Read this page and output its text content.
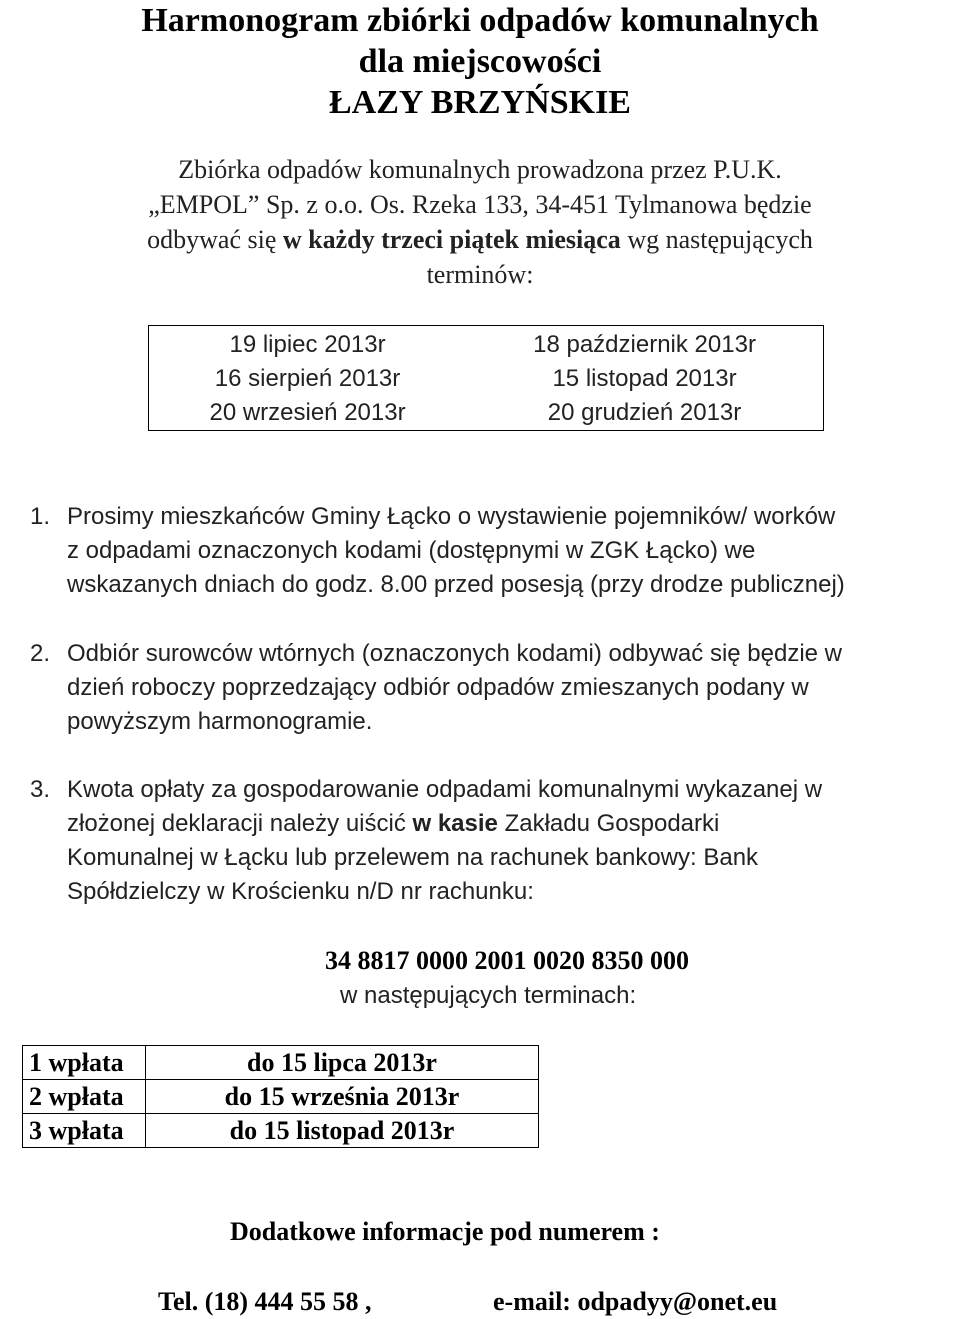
Harmonogram zbiórki odpadów komunalnych
dla miejscowości
ŁAZY BRZYŃSKIE
Zbiórka odpadów komunalnych prowadzona przez P.U.K.
„EMPOL” Sp. z o.o. Os. Rzeka 133, 34-451 Tylmanowa będzie
odbywać się w każdy trzeci piątek miesiąca wg następujących
terminów:
19 lipiec 2013r	18 październik 2013r
16 sierpień 2013r	15 listopad 2013r
20 wrzesień 2013r	20 grudzień 2013r
1. Prosimy mieszkańców Gminy Łącko o wystawienie pojemników/ worków
z odpadami oznaczonych kodami (dostępnymi w ZGK Łącko) we
wskazanych dniach do godz. 8.00 przed posesją (przy drodze publicznej)
2. Odbiór surowców wtórnych (oznaczonych kodami) odbywać się będzie w
dzień roboczy poprzedzający odbiór odpadów zmieszanych podany w
powyższym harmonogramie.
3. Kwota opłaty za gospodarowanie odpadami komunalnymi wykazanej w
złożonej deklaracji należy uiścić w kasie Zakładu Gospodarki
Komunalnej w Łącku lub przelewem na rachunek bankowy: Bank
Spółdzielczy w Krościenku n/D nr rachunku:
34 8817 0000 2001 0020 8350 000
w następujących terminach:
1 wpłata	do 15 lipca 2013r
2 wpłata	do 15 września 2013r
3 wpłata	do 15 listopad 2013r
Dodatkowe informacje pod numerem :
Tel. (18) 444 55 58 ,	e-mail: odpadyy@onet.eu
